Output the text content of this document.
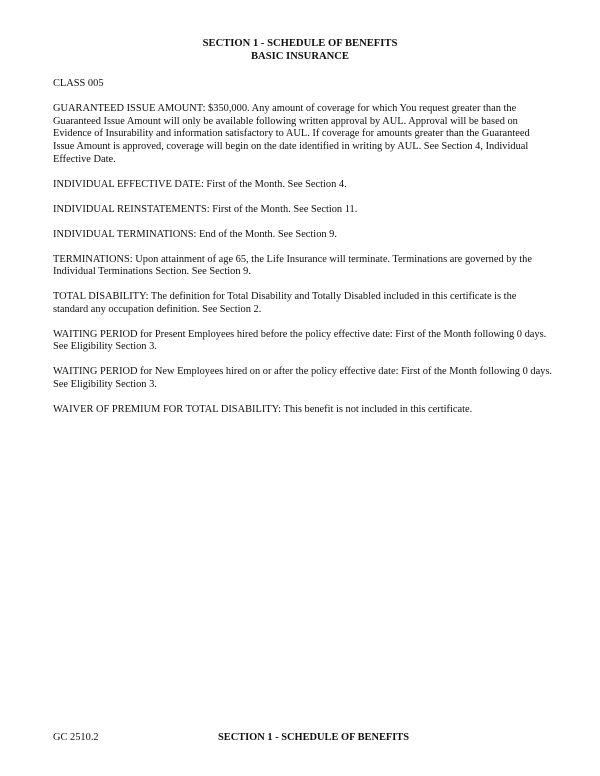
SECTION 1 - SCHEDULE OF BENEFITS
BASIC INSURANCE

CLASS 005

GUARANTEED ISSUE AMOUNT: $350,000. Any amount of coverage for which You request greater than the Guaranteed Issue Amount will only be available following written approval by AUL. Approval will be based on Evidence of Insurability and information satisfactory to AUL. If coverage for amounts greater than the Guaranteed Issue Amount is approved, coverage will begin on the date identified in writing by AUL. See Section 4, Individual Effective Date.

INDIVIDUAL EFFECTIVE DATE: First of the Month. See Section 4.

INDIVIDUAL REINSTATEMENTS: First of the Month. See Section 11.

INDIVIDUAL TERMINATIONS: End of the Month. See Section 9.

TERMINATIONS: Upon attainment of age 65, the Life Insurance will terminate. Terminations are governed by the Individual Terminations Section. See Section 9.

TOTAL DISABILITY: The definition for Total Disability and Totally Disabled included in this certificate is the standard any occupation definition. See Section 2.

WAITING PERIOD for Present Employees hired before the policy effective date: First of the Month following 0 days. See Eligibility Section 3.

WAITING PERIOD for New Employees hired on or after the policy effective date: First of the Month following 0 days. See Eligibility Section 3.

WAIVER OF PREMIUM FOR TOTAL DISABILITY: This benefit is not included in this certificate.

GC 2510.2	SECTION 1 - SCHEDULE OF BENEFITS
